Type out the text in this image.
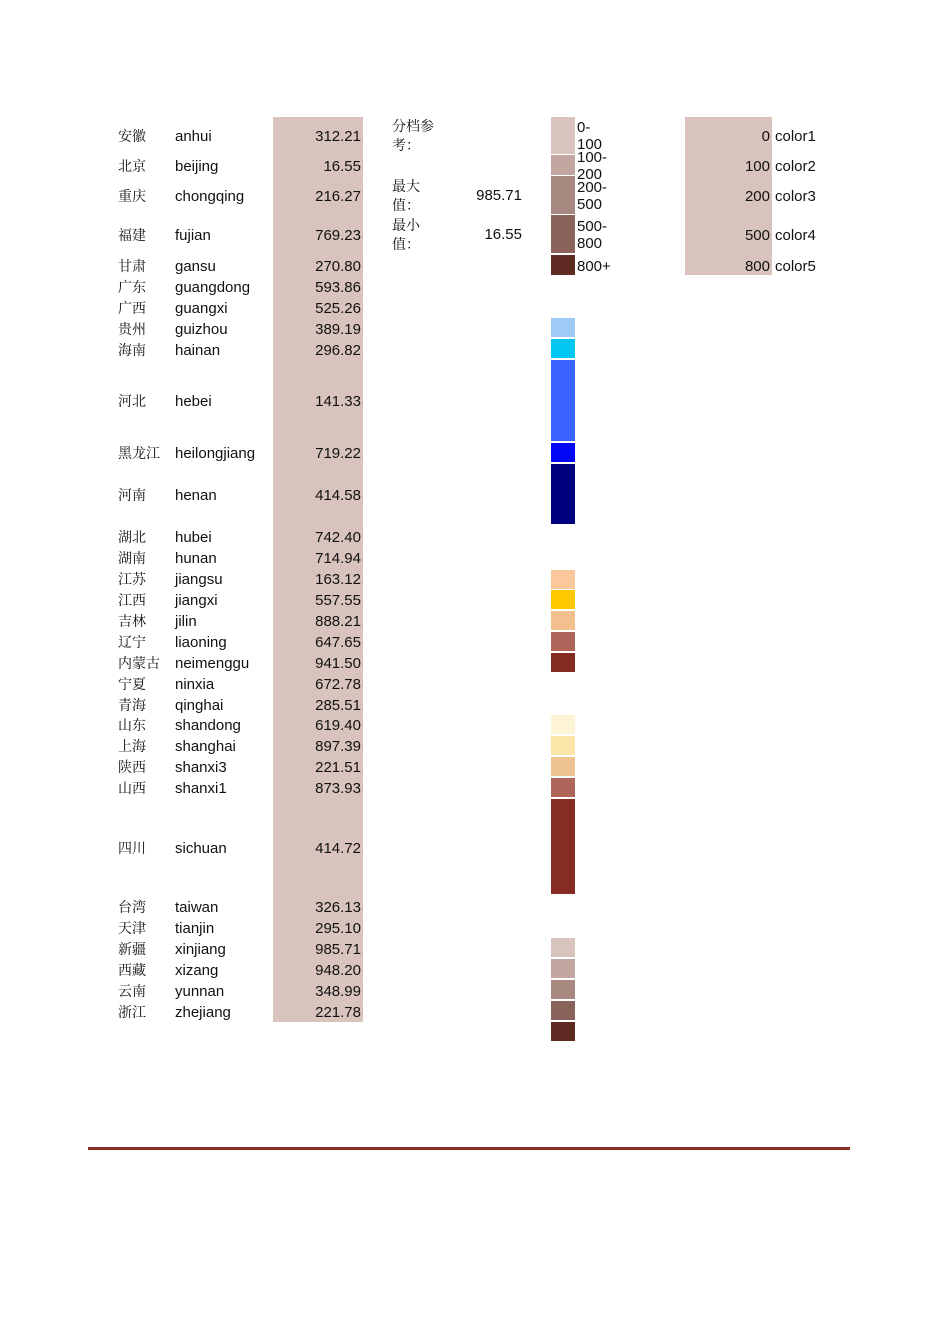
安徽 anhui	312.21
北京 beijing	16.55
重庆 chongqing	216.27
福建 fujian	769.23
甘肃 gansu	270.80
广东 guangdong	593.86
广西 guangxi	525.26
贵州 guizhou	389.19
海南 hainan	296.82
河北 hebei	141.33
黑龙江 heilongjiang	719.22
河南 henan	414.58
湖北 hubei	742.40
湖南 hunan	714.94
江苏 jiangsu	163.12
江西 jiangxi	557.55
吉林 jilin	888.21
辽宁 liaoning	647.65
内蒙古 neimenggu	941.50
宁夏 ninxia	672.78
青海 qinghai	285.51
山东 shandong	619.40
上海 shanghai	897.39
陕西 shanxi3	221.51
山西 shanxi1	873.93
四川 sichuan	414.72
台湾 taiwan	326.13
天津 tianjin	295.10
新疆 xinjiang	985.71
西藏 xizang	948.20
云南 yunnan	348.99
浙江 zhejiang	221.78
分档参考：
最大值：
985.71
最小值：
16.55
0-100	0 color1
100-200	100 color2
200-500	200 color3
500-800	500 color4
800+	800 color5
